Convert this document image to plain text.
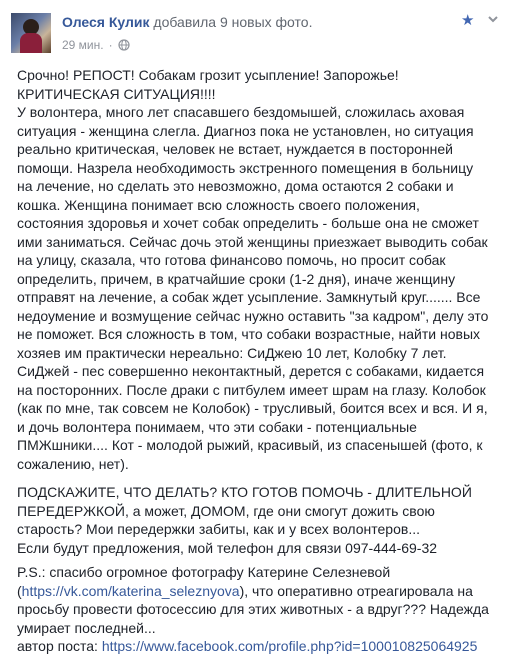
Олеся Кулик добавила 9 новых фото.
29 мин. ·
★

Срочно! РЕПОСТ! Собакам грозит усыпление! Запорожье!
КРИТИЧЕСКАЯ СИТУАЦИЯ!!!!
У волонтера, много лет спасавшего бездомышей, сложилась аховая
ситуация - женщина слегла. Диагноз пока не установлен, но ситуация
реально критическая, человек не встает, нуждается в посторонней
помощи. Назрела необходимость экстренного помещения в больницу
на лечение, но сделать это невозможно, дома остаются 2 собаки и
кошка. Женщина понимает всю сложность своего положения,
состояния здоровья и хочет собак определить - больше она не сможет
ими заниматься. Сейчас дочь этой женщины приезжает выводить собак
на улицу, сказала, что готова финансово помочь, но просит собак
определить, причем, в кратчайшие сроки (1-2 дня), иначе женщину
отправят на лечение, а собак ждет усыпление. Замкнутый круг....... Все
недоумение и возмущение сейчас нужно оставить "за кадром", делу это
не поможет. Вся сложность в том, что собаки возрастные, найти новых
хозяев им практически нереально: СиДжею 10 лет, Колобку 7 лет.
СиДжей - пес совершенно неконтактный, дерется с собаками, кидается
на посторонних. После драки с питбулем имеет шрам на глазу. Колобок
(как по мне, так совсем не Колобок) - трусливый, боится всех и вся. И я,
и дочь волонтера понимаем, что эти собаки - потенциальные
ПМЖшники.... Кот - молодой рыжий, красивый, из спасенышей (фото, к
сожалению, нет).

ПОДСКАЖИТЕ, ЧТО ДЕЛАТЬ? КТО ГОТОВ ПОМОЧЬ - ДЛИТЕЛЬНОЙ
ПЕРЕДЕРЖКОЙ, а может, ДОМОМ, где они смогут дожить свою
старость? Мои передержки забиты, как и у всех волонтеров...
Если будут предложения, мой телефон для связи 097-444-69-32

P.S.: спасибо огромное фотографу Катерине Селезневой
(https://vk.com/katerina_seleznyova), что оперативно отреагировала на
просьбу провести фотосессию для этих животных - а вдруг??? Надежда
умирает последней...

автор поста: https://www.facebook.com/profile.php?id=100010825064925
